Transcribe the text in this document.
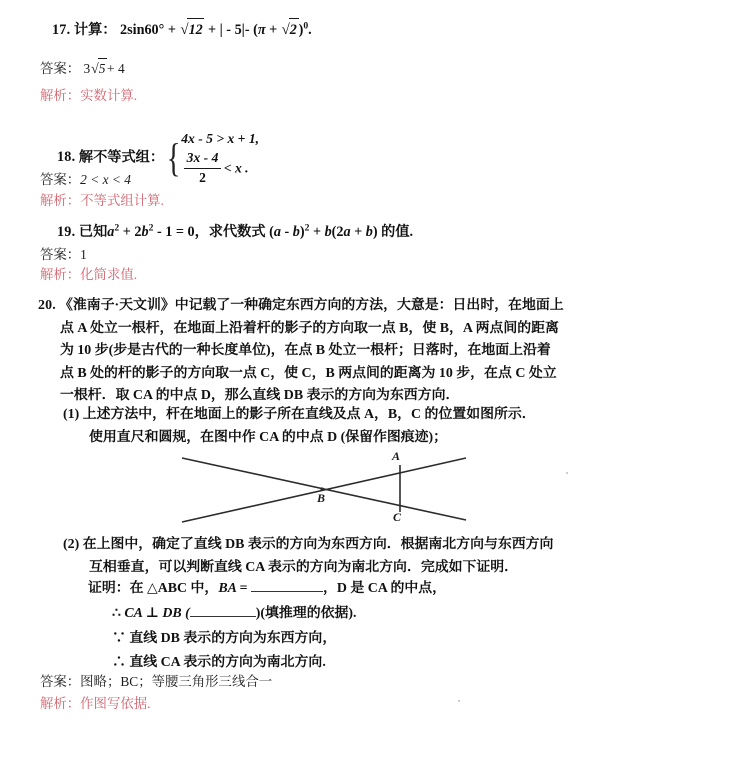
17. 计算： 2sin60° + √12 + | - 5|- (π + √2 )$^0$.
答案： 3√5 + 4
解析：实数计算.
18. 解不等式组： { 4x - 5 > x + 1,
$\frac{3x - 4}{2} < x$ .
答案：2 < x < 4
解析：不等式组计算.
19. 已知$a^2 + 2b^2 - 1 = 0$，求代数式 (a - b)$^2$ + b(2a + b) 的值.
答案：1
解析：化简求值.
20. 《淮南子·天文训》中记载了一种确定东西方向的方法，大意是：日出时，在地面上
点 A 处立一根杆，在地面上沿着杆的影子的方向取一点 B，使 B，A 两点间的距离
为 10 步(步是古代的一种长度单位)，在点 B 处立一根杆；日落时，在地面上沿着
点 B 处的杆的影子的方向取一点 C，使 C，B 两点间的距离为 10 步，在点 C 处立
一根杆．取 CA 的中点 D，那么直线 DB 表示的方向为东西方向．
(1) 上述方法中，杆在地面上的影子所在直线及点 A，B，C 的位置如图所示．
使用直尺和圆规，在图中作 CA 的中点 D (保留作图痕迹)；
A
B
C
(2) 在上图中，确定了直线 DB 表示的方向为东西方向．根据南北方向与东西方向
互相垂直，可以判断直线 CA 表示的方向为南北方向．完成如下证明．
证明：在 △ABC 中，BA =	，D 是 CA 的中点，
∴ CA ⊥ DB (	)(填推理的依据).
∵ 直线 DB 表示的方向为东西方向，
∴ 直线 CA 表示的方向为南北方向.
答案：图略；BC；等腰三角形三线合一
解析：作图写依据.
